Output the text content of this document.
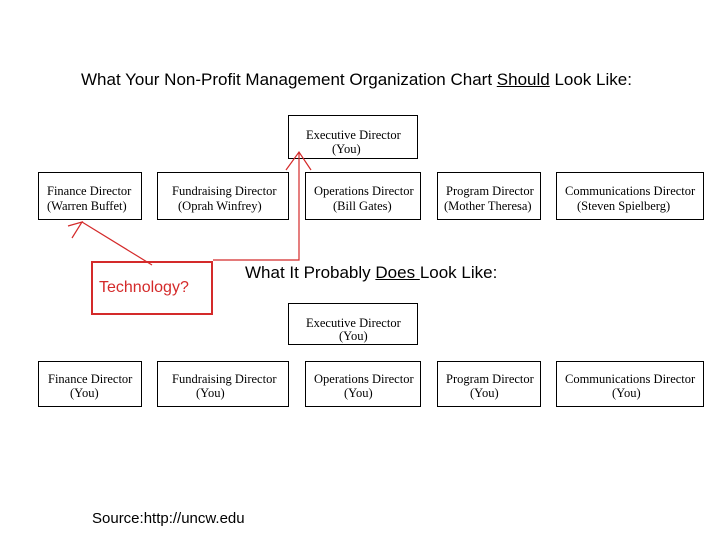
What Your Non-Profit Management Organization Chart Should Look Like:
Executive Director
(You)
Finance Director
(Warren Buffet)
Fundraising Director
(Oprah Winfrey)
Operations Director
(Bill Gates)
Program Director
(Mother Theresa)
Communications Director
(Steven Spielberg)
Technology?
What It Probably Does Look Like:
Executive Director
(You)
Finance Director
(You)
Fundraising Director
(You)
Operations Director
(You)
Program Director
(You)
Communications Director
(You)
Source:http://uncw.edu
